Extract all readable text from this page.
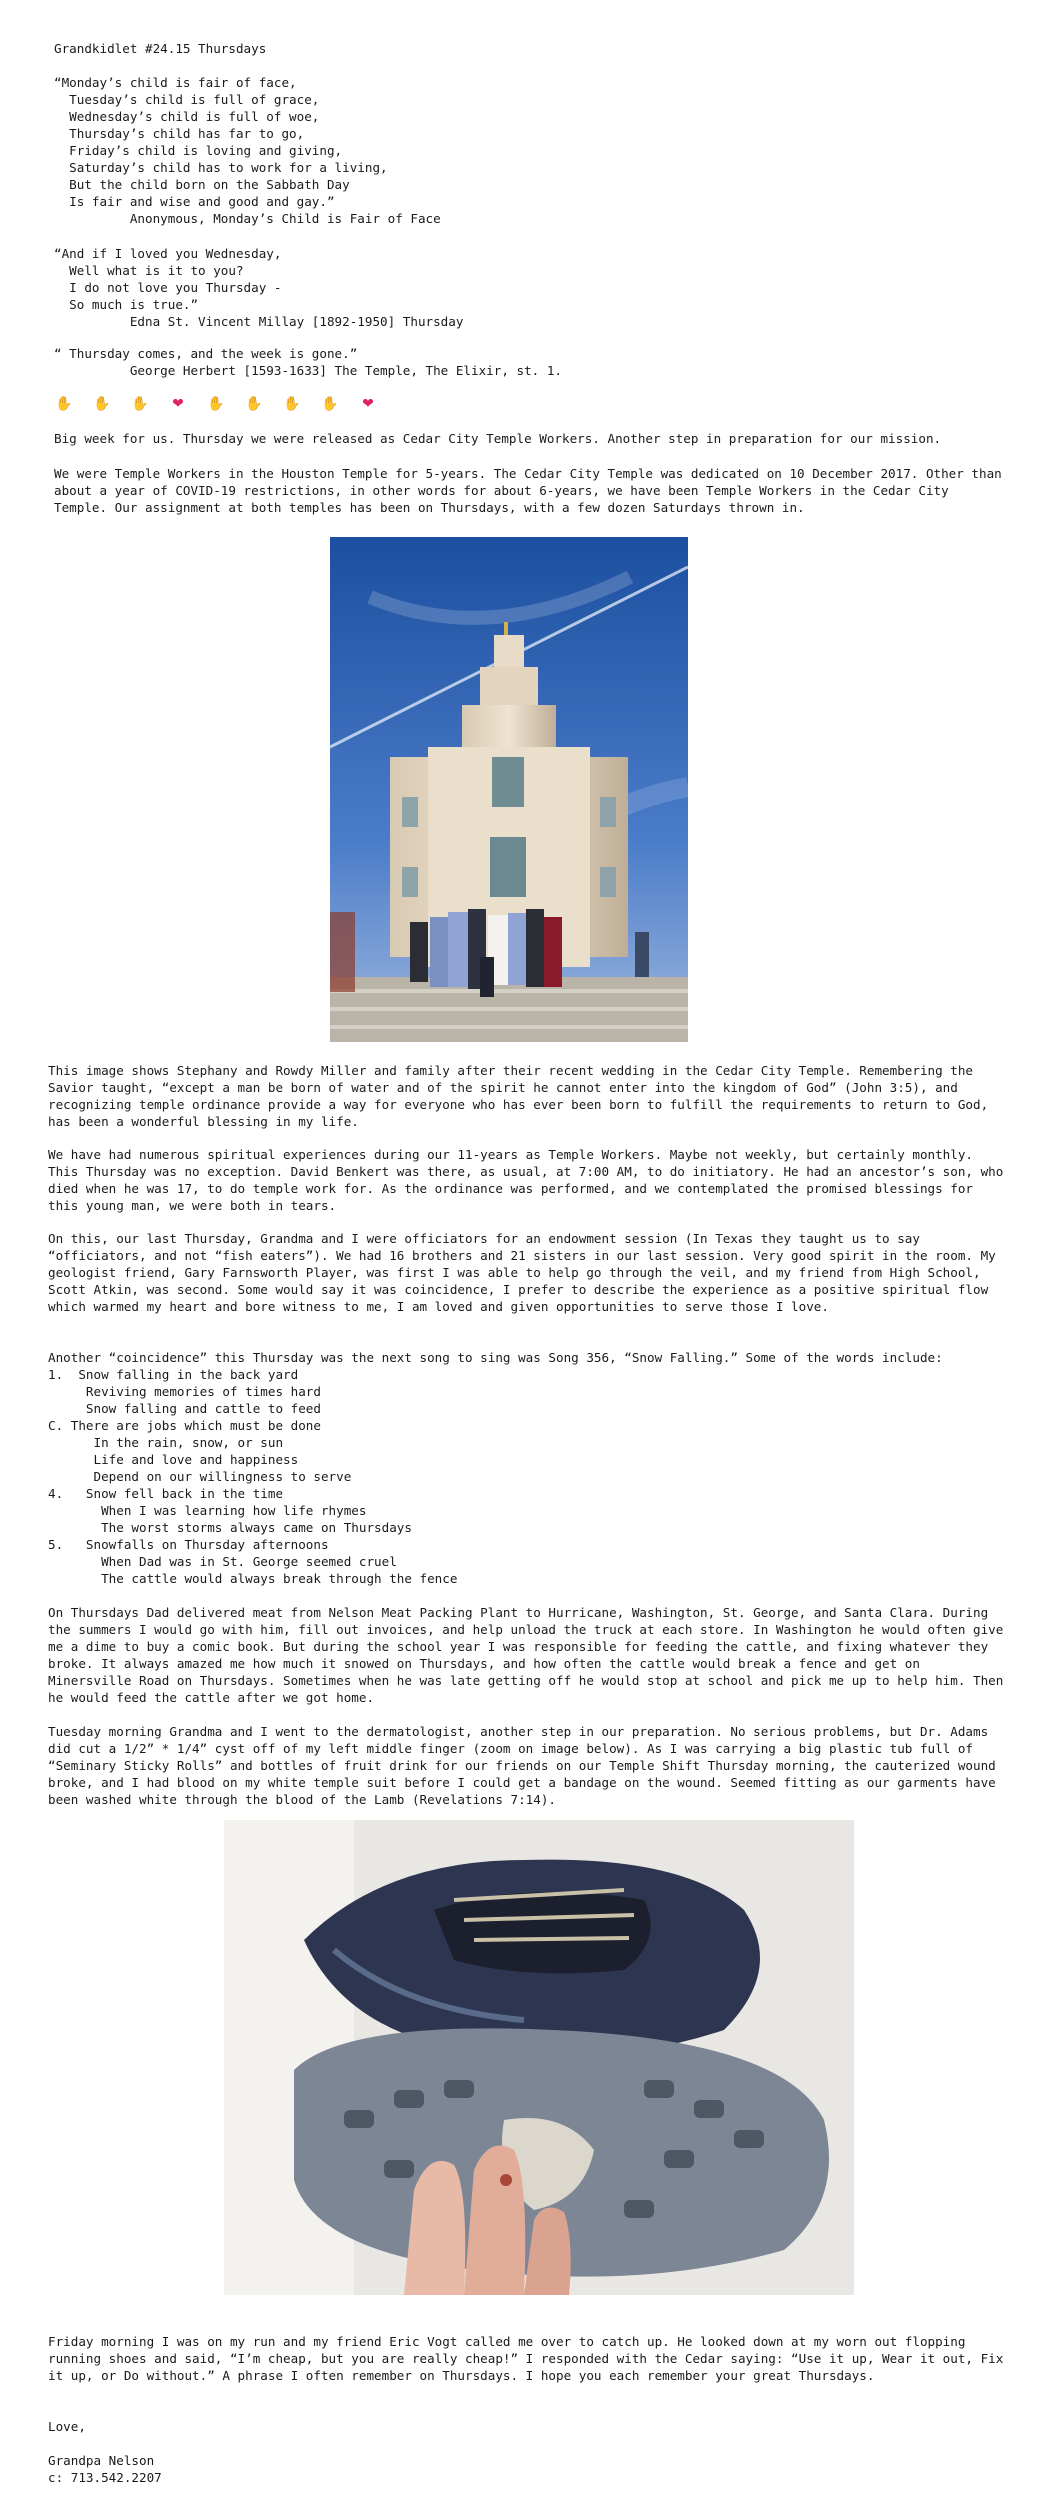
Grandkidlet #24.15 Thursdays
“Monday’s child is fair of face,
Tuesday’s child is full of grace,
Wednesday’s child is full of woe,
Thursday’s child has far to go,
Friday’s child is loving and giving,
Saturday’s child has to work for a living,
But the child born on the Sabbath Day
Is fair and wise and good and gay.”
Anonymous, Monday’s Child is Fair of Face
“And if I loved you Wednesday,
Well what is it to you?
I do not love you Thursday -
So much is true.”
Edna St. Vincent Millay [1892-1950] Thursday
“ Thursday comes, and the week is gone.”
George Herbert [1593-1633] The Temple, The Elixir, st. 1.
✋ ✋ ✋ ❤ ✋ ✋ ✋ ✋ ❤

Big week for us. Thursday we were released as Cedar City Temple Workers. Another step in preparation for our mission.

We were Temple Workers in the Houston Temple for 5-years. The Cedar City Temple was dedicated on 10 December 2017. Other than about a year of COVID-19 restrictions, in other words for about 6-years, we have been Temple Workers in the Cedar City Temple. Our assignment at both temples has been on Thursdays, with a few dozen Saturdays thrown in.

This image shows Stephany and Rowdy Miller and family after their recent wedding in the Cedar City Temple. Remembering the Savior taught, “except a man be born of water and of the spirit he cannot enter into the kingdom of God” (John 3:5), and recognizing temple ordinance provide a way for everyone who has ever been born to fulfill the requirements to return to God, has been a wonderful blessing in my life.

We have had numerous spiritual experiences during our 11-years as Temple Workers. Maybe not weekly, but certainly monthly. This Thursday was no exception. David Benkert was there, as usual, at 7:00 AM, to do initiatory. He had an ancestor’s son, who died when he was 17, to do temple work for. As the ordinance was performed, and we contemplated the promised blessings for this young man, we were both in tears.

On this, our last Thursday, Grandma and I were officiators for an endowment session (In Texas they taught us to say “officiators, and not “fish eaters”). We had 16 brothers and 21 sisters in our last session. Very good spirit in the room. My geologist friend, Gary Farnsworth Player, was first I was able to help go through the veil, and my friend from High School, Scott Atkin, was second. Some would say it was coincidence, I prefer to describe the experience as a positive spiritual flow which warmed my heart and bore witness to me, I am loved and given opportunities to serve those I love.

Another “coincidence” this Thursday was the next song to sing was Song 356, “Snow Falling.” Some of the words include:
1.  Snow falling in the back yard
Reviving memories of times hard
Snow falling and cattle to feed
C. There are jobs which must be done
In the rain, snow, or sun
Life and love and happiness
Depend on our willingness to serve
4.   Snow fell back in the time
When I was learning how life rhymes
The worst storms always came on Thursdays
5.   Snowfalls on Thursday afternoons
When Dad was in St. George seemed cruel
The cattle would always break through the fence

On Thursdays Dad delivered meat from Nelson Meat Packing Plant to Hurricane, Washington, St. George, and Santa Clara. During the summers I would go with him, fill out invoices, and help unload the truck at each store. In Washington he would often give me a dime to buy a comic book. But during the school year I was responsible for feeding the cattle, and fixing whatever they broke. It always amazed me how much it snowed on Thursdays, and how often the cattle would break a fence and get on Minersville Road on Thursdays. Sometimes when he was late getting off he would stop at school and pick me up to help him. Then he would feed the cattle after we got home.

Tuesday morning Grandma and I went to the dermatologist, another step in our preparation. No serious problems, but Dr. Adams did cut a 1/2” * 1/4” cyst off of my left middle finger (zoom on image below). As I was carrying a big plastic tub full of “Seminary Sticky Rolls” and bottles of fruit drink for our friends on our Temple Shift Thursday morning, the cauterized wound broke, and I had blood on my white temple suit before I could get a bandage on the wound. Seemed fitting as our garments have been washed white through the blood of the Lamb (Revelations 7:14).

Friday morning I was on my run and my friend Eric Vogt called me over to catch up. He looked down at my worn out flopping running shoes and said, “I’m cheap, but you are really cheap!” I responded with the Cedar saying: “Use it up, Wear it out, Fix it up, or Do without.” A phrase I often remember on Thursdays. I hope you each remember your great Thursdays.

Love,
Grandpa Nelson
c: 713.542.2207
